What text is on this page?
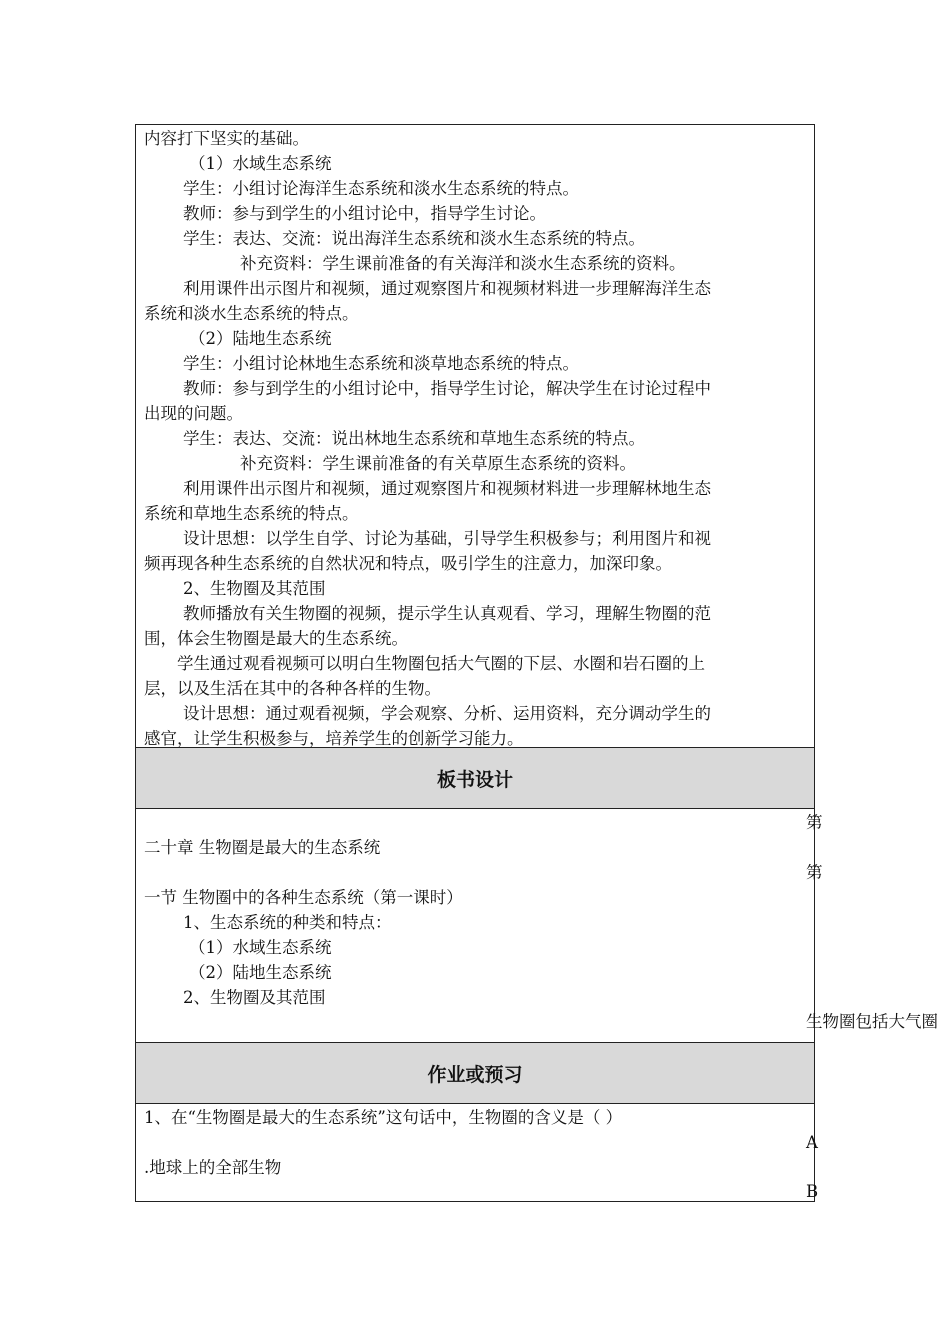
内容打下坚实的基础。
（1）水域生态系统
学生：小组讨论海洋生态系统和淡水生态系统的特点。
教师：参与到学生的小组讨论中，指导学生讨论。
学生：表达、交流：说出海洋生态系统和淡水生态系统的特点。
补充资料：学生课前准备的有关海洋和淡水生态系统的资料。
利用课件出示图片和视频，通过观察图片和视频材料进一步理解海洋生态
系统和淡水生态系统的特点。
（2）陆地生态系统
学生：小组讨论林地生态系统和淡草地态系统的特点。
教师：参与到学生的小组讨论中，指导学生讨论，解决学生在讨论过程中
出现的问题。
学生：表达、交流：说出林地生态系统和草地生态系统的特点。
补充资料：学生课前准备的有关草原生态系统的资料。
利用课件出示图片和视频，通过观察图片和视频材料进一步理解林地生态
系统和草地生态系统的特点。
设计思想：以学生自学、讨论为基础，引导学生积极参与；利用图片和视
频再现各种生态系统的自然状况和特点，吸引学生的注意力，加深印象。
2、生物圈及其范围
教师播放有关生物圈的视频，提示学生认真观看、学习，理解生物圈的范
围，体会生物圈是最大的生态系统。
学生通过观看视频可以明白生物圈包括大气圈的下层、水圈和岩石圈的上
层，以及生活在其中的各种各样的生物。
设计思想：通过观看视频，学会观察、分析、运用资料，充分调动学生的
感官，让学生积极参与，培养学生的创新学习能力。
板书设计
二十章 生物圈是最大的生态系统
一节 生物圈中的各种生态系统（第一课时）
1、生态系统的种类和特点：
（1）水域生态系统
（2）陆地生态系统
2、生物圈及其范围
作业或预习
1、在“生物圈是最大的生态系统”这句话中，生物圈的含义是（ ）
.地球上的全部生物
第
第
生物圈包括大气圈
A
B
